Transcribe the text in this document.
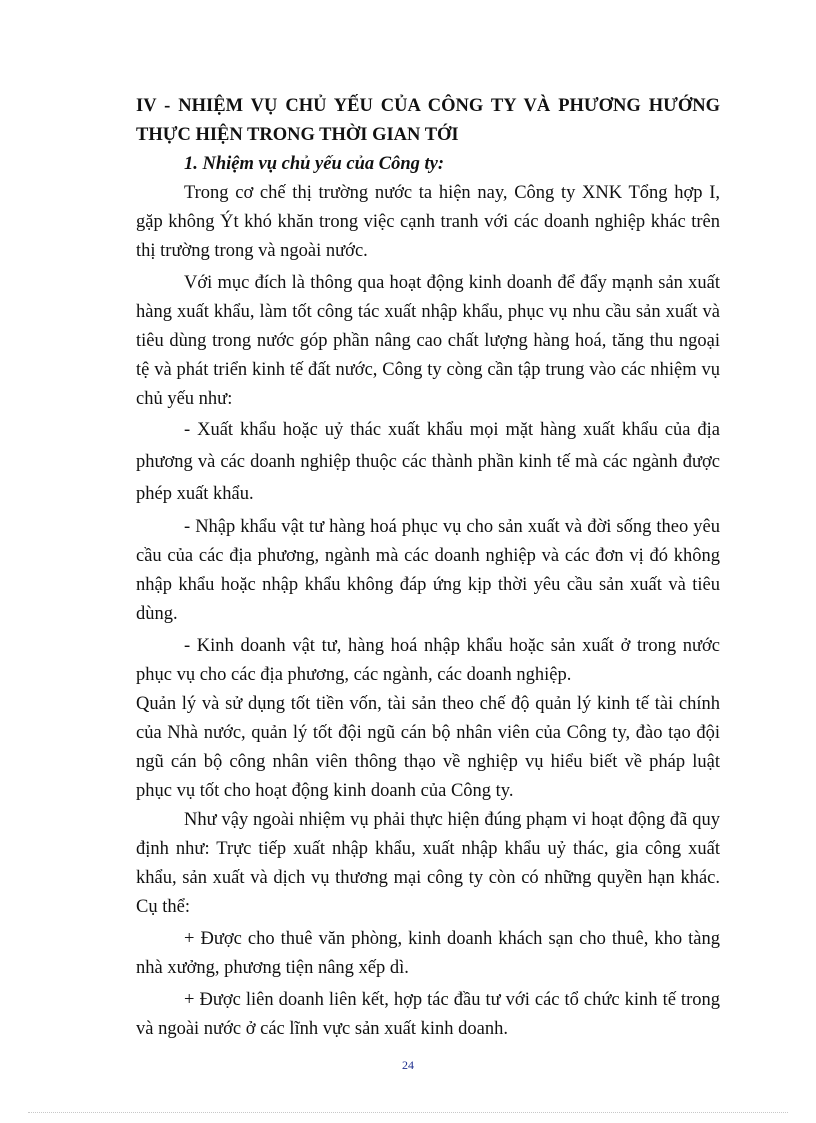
IV - NHIỆM VỤ CHỦ YẾU CỦA CÔNG TY VÀ PHƯƠNG HƯỚNG
THỰC HIỆN TRONG THỜI GIAN TỚI
1. Nhiệm vụ chủ yếu của Công ty:

Trong cơ chế thị trường nước ta hiện nay, Công ty XNK Tổng hợp I, gặp không Ýt khó khăn trong việc cạnh tranh với các doanh nghiệp khác trên thị trường trong và ngoài nước.

Với mục đích là thông qua hoạt động kinh doanh để đẩy mạnh sản xuất hàng xuất khẩu, làm tốt công tác xuất nhập khẩu, phục vụ nhu cầu sản xuất và tiêu dùng trong nước góp phần nâng cao chất lượng hàng hoá, tăng thu ngoại tệ và phát triển kinh tế đất nước, Công ty còng cần tập trung vào các nhiệm vụ chủ yếu như:

- Xuất khẩu hoặc uỷ thác xuất khẩu mọi mặt hàng xuất khẩu của địa phương và các doanh nghiệp thuộc các thành phần kinh tế mà các ngành được phép xuất khẩu.

- Nhập khẩu vật tư hàng hoá phục vụ cho sản xuất và đời sống theo yêu cầu của các địa phương, ngành mà các doanh nghiệp và các đơn vị đó không nhập khẩu hoặc nhập khẩu không đáp ứng kịp thời yêu cầu sản xuất và tiêu dùng.

- Kinh doanh vật tư, hàng hoá nhập khẩu hoặc sản xuất ở trong nước phục vụ cho các địa phương, các ngành, các doanh nghiệp.

Quản lý và sử dụng tốt tiền vốn, tài sản theo chế độ quản lý kinh tế tài chính của Nhà nước, quản lý tốt đội ngũ cán bộ nhân viên của Công ty, đào tạo đội ngũ cán bộ công nhân viên thông thạo về nghiệp vụ hiểu biết về pháp luật phục vụ tốt cho hoạt động kinh doanh của Công ty.

Như vậy ngoài nhiệm vụ phải thực hiện đúng phạm vi hoạt động đã quy định như: Trực tiếp xuất nhập khẩu, xuất nhập khẩu uỷ thác, gia công xuất khẩu, sản xuất và dịch vụ thương mại công ty còn có những quyền hạn khác. Cụ thể:

+ Được cho thuê văn phòng, kinh doanh khách sạn cho thuê, kho tàng nhà xưởng, phương tiện nâng xếp dì.

+ Được liên doanh liên kết, hợp tác đầu tư với các tổ chức kinh tế trong và ngoài nước ở các lĩnh vực sản xuất kinh doanh.

24
